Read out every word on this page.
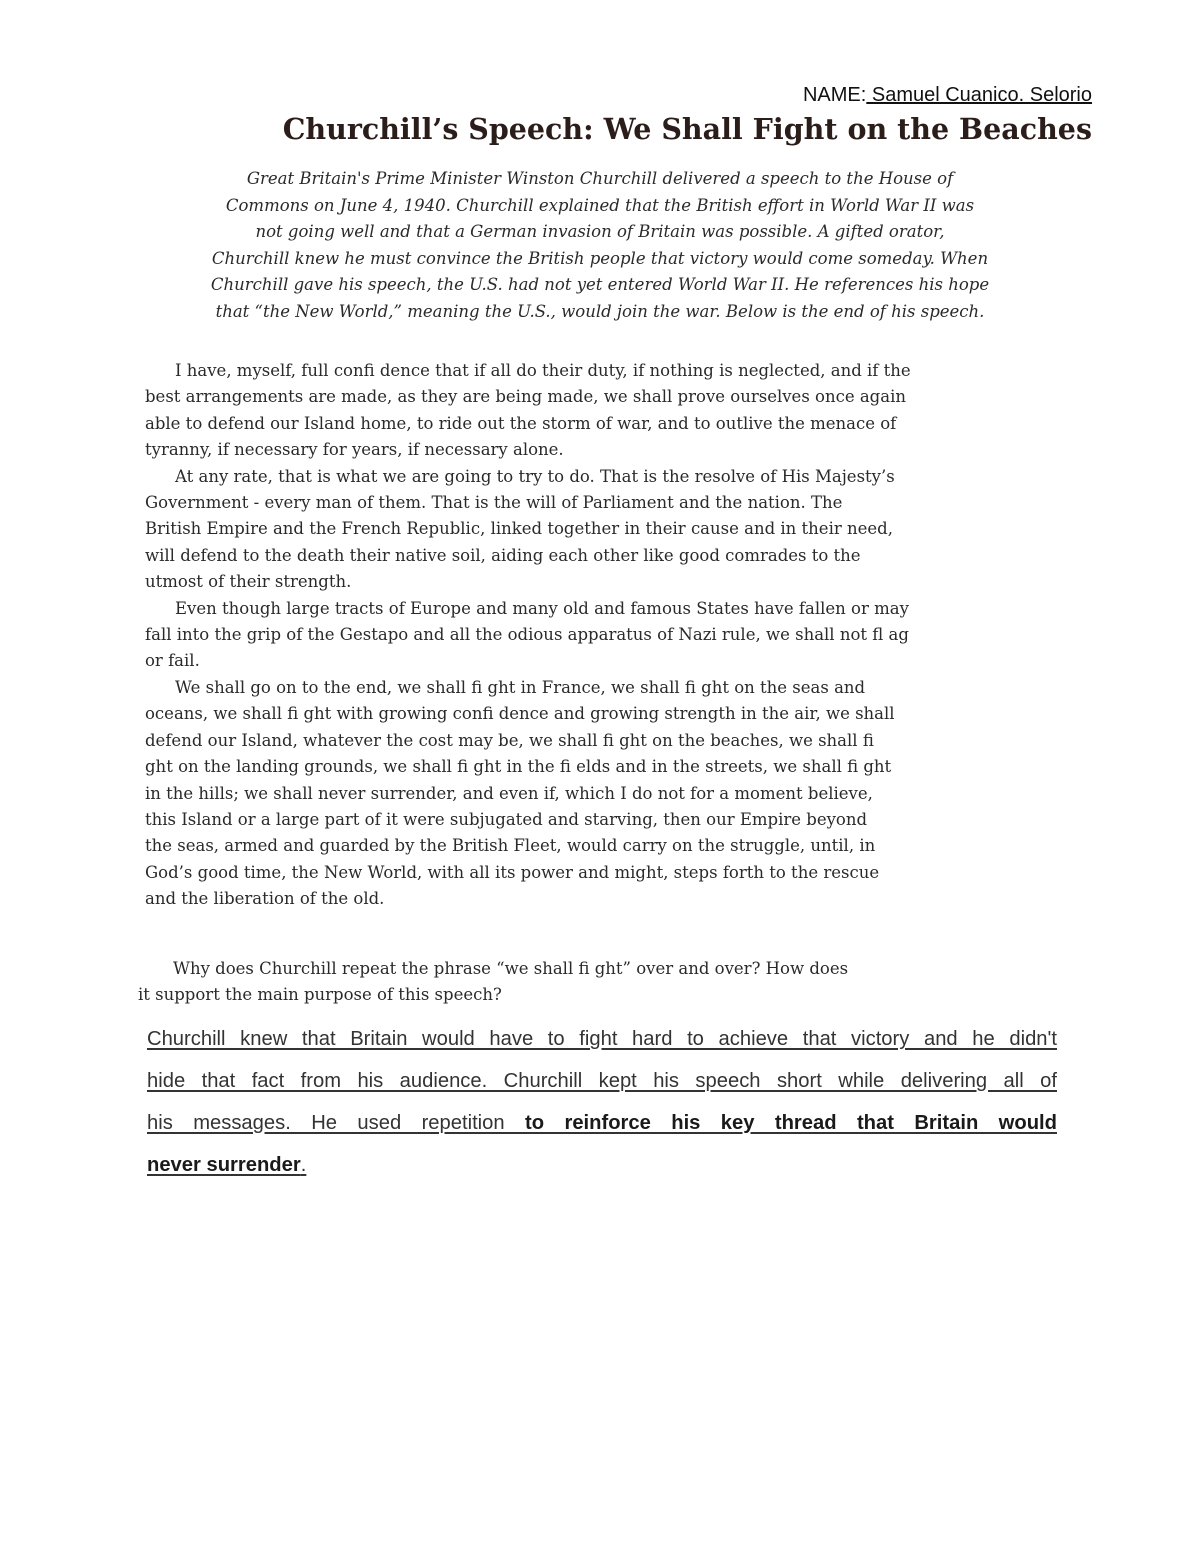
NAME: Samuel Cuanico. Selorio
Churchill’s Speech: We Shall Fight on the Beaches
Great Britain's Prime Minister Winston Churchill delivered a speech to the House of
Commons on June 4, 1940. Churchill explained that the British effort in World War II was
not going well and that a German invasion of Britain was possible. A gifted orator,
Churchill knew he must convince the British people that victory would come someday. When
Churchill gave his speech, the U.S. had not yet entered World War II. He references his hope
that “the New World,” meaning the U.S., would join the war. Below is the end of his speech.
I have, myself, full confi dence that if all do their duty, if nothing is neglected, and if the
best arrangements are made, as they are being made, we shall prove ourselves once again
able to defend our Island home, to ride out the storm of war, and to outlive the menace of
tyranny, if necessary for years, if necessary alone.
At any rate, that is what we are going to try to do. That is the resolve of His Majesty’s
Government - every man of them. That is the will of Parliament and the nation. The
British Empire and the French Republic, linked together in their cause and in their need,
will defend to the death their native soil, aiding each other like good comrades to the
utmost of their strength.
Even though large tracts of Europe and many old and famous States have fallen or may
fall into the grip of the Gestapo and all the odious apparatus of Nazi rule, we shall not fl ag
or fail.
We shall go on to the end, we shall fi ght in France, we shall fi ght on the seas and
oceans, we shall fi ght with growing confi dence and growing strength in the air, we shall
defend our Island, whatever the cost may be, we shall fi ght on the beaches, we shall fi
ght on the landing grounds, we shall fi ght in the fi elds and in the streets, we shall fi ght
in the hills; we shall never surrender, and even if, which I do not for a moment believe,
this Island or a large part of it were subjugated and starving, then our Empire beyond
the seas, armed and guarded by the British Fleet, would carry on the struggle, until, in
God’s good time, the New World, with all its power and might, steps forth to the rescue
and the liberation of the old.
Why does Churchill repeat the phrase “we shall fi ght” over and over? How does
it support the main purpose of this speech?
Churchill knew that Britain would have to fight hard to achieve that victory and he didn't
hide that fact from his audience. Churchill kept his speech short while delivering all of
his messages. He used repetition to reinforce his key thread that Britain would
never surrender.
